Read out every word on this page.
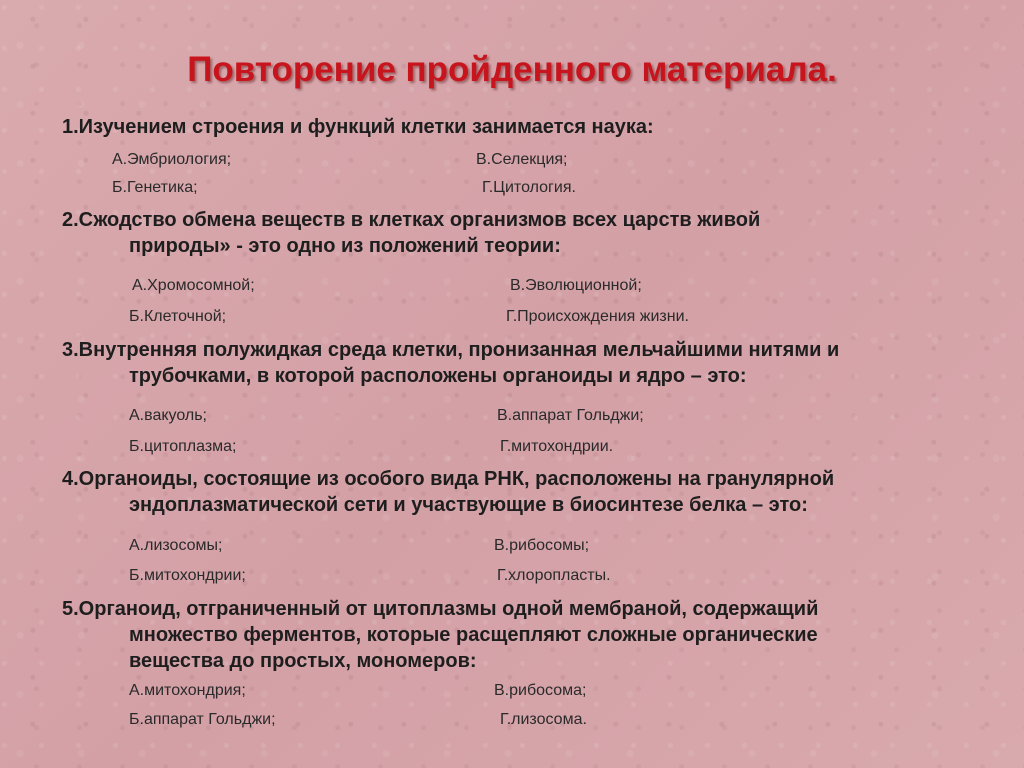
Повторение пройденного материала.
1.Изучением строения и функций клетки занимается наука:
А.Эмбриология;	В.Селекция;
Б.Генетика;	Г.Цитология.
2.Сжодство обмена веществ в клетках организмов всех царств живой
природы» - это одно из положений теории:
А.Хромосомной;	В.Эволюционной;
Б.Клеточной;	Г.Происхождения жизни.
3.Внутренняя полужидкая среда клетки, пронизанная мельчайшими нитями и
трубочками, в которой расположены органоиды и ядро – это:
А.вакуоль;	В.аппарат Гольджи;
Б.цитоплазма;	Г.митохондрии.
4.Органоиды, состоящие из особого вида РНК, расположены на гранулярной
эндоплазматической сети и участвующие в биосинтезе белка – это:
А.лизосомы;	В.рибосомы;
Б.митохондрии;	Г.хлоропласты.
5.Органоид, отграниченный от цитоплазмы одной мембраной, содержащий
множество ферментов, которые расщепляют сложные органические
вещества до простых, мономеров:
А.митохондрия;	В.рибосома;
Б.аппарат Гольджи;	Г.лизосома.
